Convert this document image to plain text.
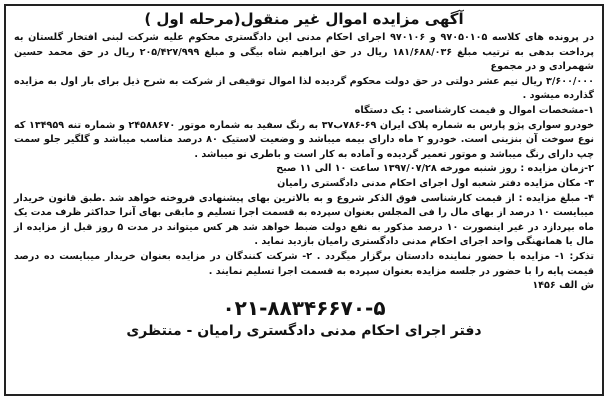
آگهی مزایده اموال غیر منقول(مرحله اول )

در پرونده های کلاسه ۹۷۰۵۰۱۰۵ و ۹۷۰۱۰۶ اجرای احکام مدنی این دادگستری محکوم علیه شرکت لبنی افتخار گلستان به پرداخت بدهی به ترتیب مبلغ ۱۸۱/۶۸۸/۰۳۶ ریال در حق ابراهیم شاه بیگی و مبلغ ۲۰۵/۴۲۷/۹۹۹ ریال در حق محمد حسین شهمرادی و در مجموع

۳/۶۰۰/۰۰۰ ریال نیم عشر دولتی در حق دولت محکوم گردیده لذا اموال توقیفی از شرکت به شرح ذیل برای بار اول به مزایده گذارده میشود .

۱-مشخصات اموال و قیمت کارشناسی : یک دستگاه

خودرو سواری پژو پارس به شماره پلاک ایران ۶۹-۷۸۶ب۳۷ به رنگ سفید به شماره موتور ۲۴۵۸۸۶۷۰ و شماره تنه ۱۳۴۹۵۹ که نوع سوخت آن بنزینی است. خودرو ۲ ماه دارای بیمه میباشد و وضعیت لاستیک ۸۰ درصد مناسب میباشد و گلگیر جلو سمت چپ دارای رنگ میباشد و موتور تعمیر گردیده و آماده به کار است و باطری نو میباشد .

۲-زمان مزایده : روز شنبه مورخه ۱۳۹۷/۰۷/۲۸ ساعت ۱۰ الی ۱۱ صبح

۳- مکان مزایده دفتر شعبه اول اجرای احکام مدنی دادگستری رامیان

۴- مبلغ مزایده : از قیمت کارشناسی فوق الذکر شروع و به بالاترین بهای پیشنهادی فروخته خواهد شد .طبق قانون خریدار میبایست ۱۰ درصد از بهای مال را فی المجلس بعنوان سپرده به قسمت اجرا تسلیم و مابقی بهای آنرا حداکثر ظرف مدت یک ماه بپردازد در غیر اینصورت ۱۰ درصد مذکور به نفع دولت ضبط خواهد شد هر کس میتواند در مدت ۵ روز قبل از مزایده از مال یا همانهنگی واحد اجرای احکام مدنی دادگستری رامیان بازدید نماید .

تذکر: ۱- مزایده با حضور نماینده دادستان برگزار میگردد . ۲- شرکت کنندگان در مزایده بعنوان خریدار میبایست ده درصد قیمت پایه را با حضور در جلسه مزایده بعنوان سپرده به قسمت اجرا تسلیم نمایند .

ش الف ۱۴۵۶

۰۲۱-۸۸۳۴۶۶۷۰-۵
دفتر اجرای احکام مدنی دادگستری رامیان - منتظری
